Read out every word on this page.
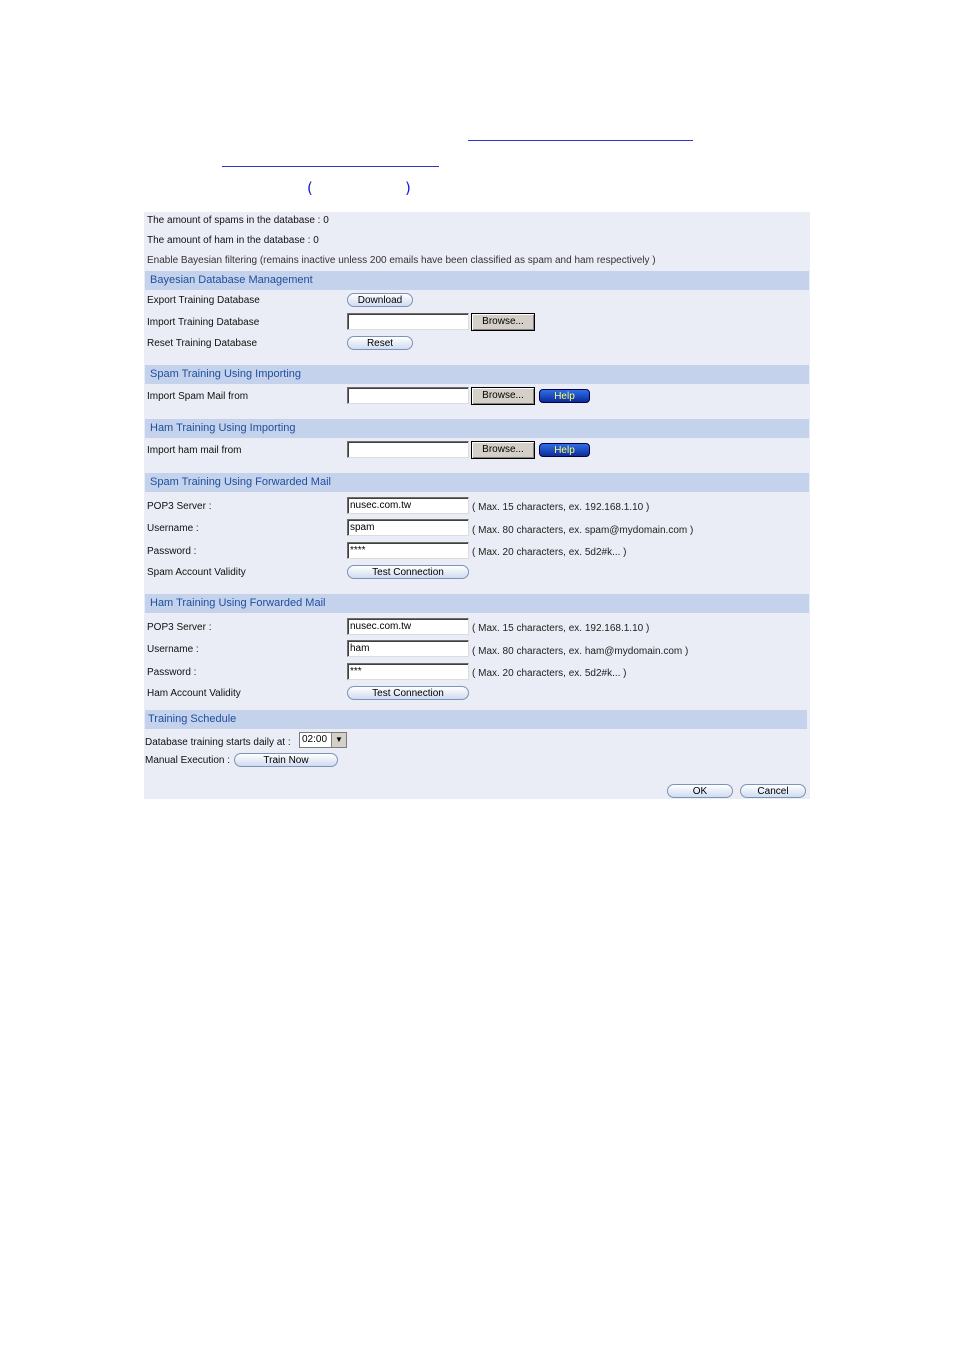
(	)
The amount of spams in the database : 0
The amount of ham in the database : 0
Enable Bayesian filtering (remains inactive unless 200 emails have been classified as spam and ham respectively )
Bayesian Database Management
Export Training Database	Download
Import Training Database	Browse...
Reset Training Database	Reset
Spam Training Using Importing
Import Spam Mail from	Browse...	Help
Ham Training Using Importing
Import ham mail from	Browse...	Help
Spam Training Using Forwarded Mail
POP3 Server :
nusec.com.tw	( Max. 15 characters, ex. 192.168.1.10 )
Username :
spam	( Max. 80 characters, ex. spam@mydomain.com )
Password :
****	( Max. 20 characters, ex. 5d2#k... )
Spam Account Validity	Test Connection
Ham Training Using Forwarded Mail
POP3 Server :
nusec.com.tw	( Max. 15 characters, ex. 192.168.1.10 )
Username :
ham	( Max. 80 characters, ex. ham@mydomain.com )
Password :
***	( Max. 20 characters, ex. 5d2#k... )
Ham Account Validity	Test Connection
Training Schedule
Database training starts daily at : 02:00	▼
Manual Execution :	Train Now
OK	Cancel
